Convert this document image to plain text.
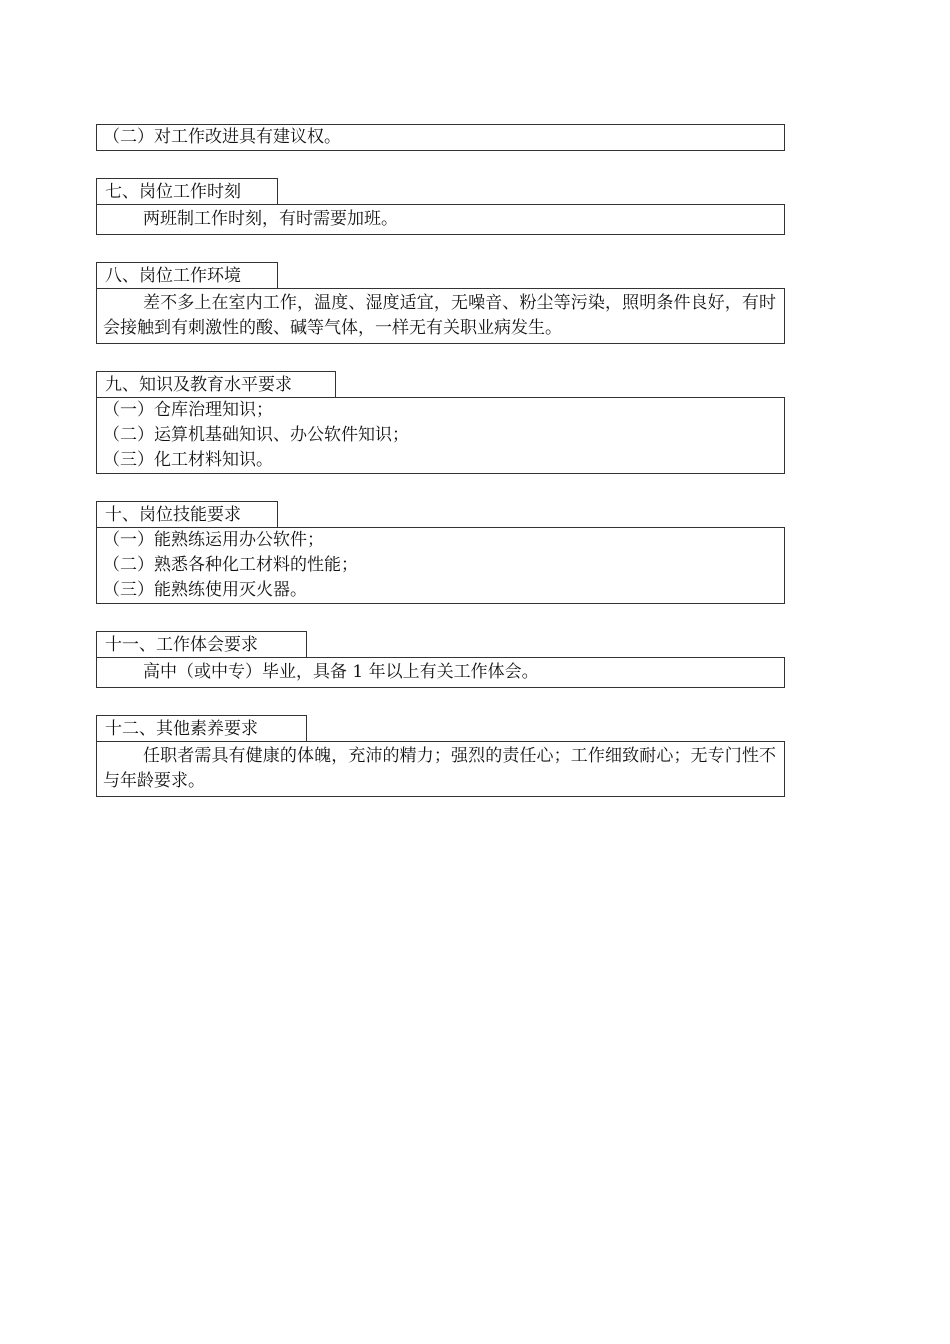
（二）对工作改进具有建议权。
七、岗位工作时刻
两班制工作时刻，有时需要加班。
八、岗位工作环境
差不多上在室内工作，温度、湿度适宜，无噪音、粉尘等污染，照明条件良好，有时会接触到有刺激性的酸、碱等气体，一样无有关职业病发生。
九、知识及教育水平要求
（一）仓库治理知识；
（二）运算机基础知识、办公软件知识；
（三）化工材料知识。
十、岗位技能要求
（一）能熟练运用办公软件；
（二）熟悉各种化工材料的性能；
（三）能熟练使用灭火器。
十一、工作体会要求
高中（或中专）毕业，具备 1 年以上有关工作体会。
十二、其他素养要求
任职者需具有健康的体魄，充沛的精力；强烈的责任心；工作细致耐心；无专门性不与年龄要求。
